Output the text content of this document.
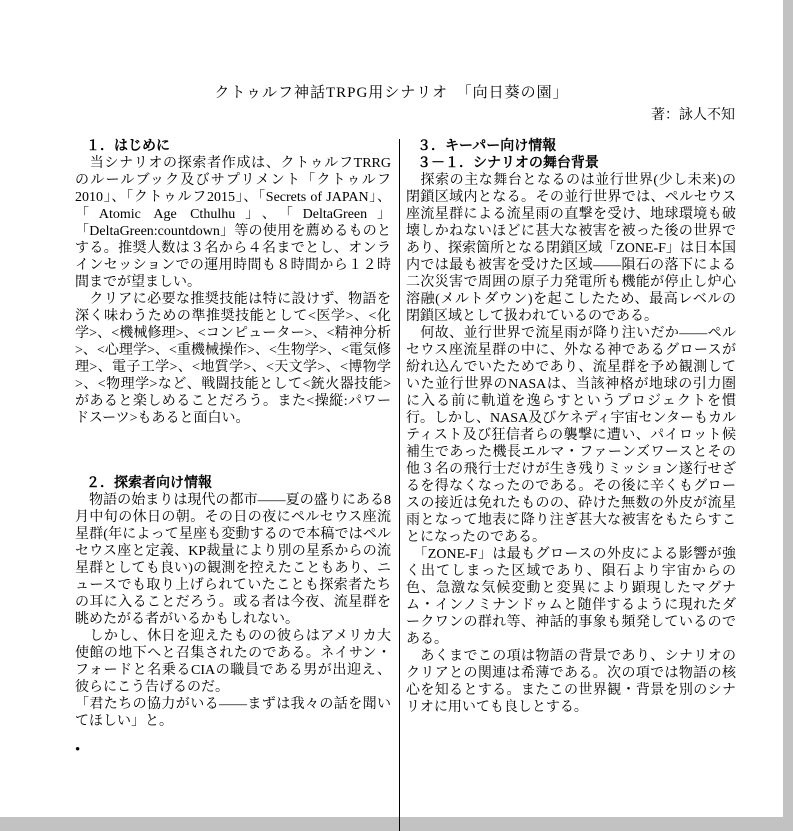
クトゥルフ神話TRPG用シナリオ　「向日葵の園」
著：詠人不知
１．はじめに

　当シナリオの探索者作成は、クトゥルフTRRGのルールブック及びサプリメント「クトゥルフ2010」、「クトゥルフ2015」、「Secrets of JAPAN」、「Atomic Age Cthulhu」、「DeltaGreen」「DeltaGreen:countdown」等の使用を薦めるものとする。推奨人数は３名から４名までとし、オンラインセッションでの運用時間も８時間から１２時間までが望ましい。

　クリアに必要な推奨技能は特に設けず、物語を深く味わうための準推奨技能として<医学>、<化学>、<機械修理>、<コンピューター>、<精神分析>、<心理学>、<重機械操作>、<生物学>、<電気修理>、電子工学>、<地質学>、<天文学>、<博物学>、<物理学>など、戦闘技能として<銃火器技能>があると楽しめることだろう。また<操縦:パワードスーツ>もあると面白い。

２．探索者向け情報

　物語の始まりは現代の都市——夏の盛りにある8月中旬の休日の朝。その日の夜にペルセウス座流星群(年によって星座も変動するので本稿ではペルセウス座と定義、KP裁量により別の星系からの流星群としても良い)の観測を控えたこともあり、ニュースでも取り上げられていたことも探索者たちの耳に入ることだろう。或る者は今夜、流星群を眺めたがる者がいるかもしれない。

　しかし、休日を迎えたものの彼らはアメリカ大使館の地下へと召集されたのである。ネイサン・フォードと名乗るCIAの職員である男が出迎え、彼らにこう告げるのだ。

「君たちの協力がいる——まずは我々の話を聞いてほしい」と。

•
３．キーパー向け情報
３－１．シナリオの舞台背景

　探索の主な舞台となるのは並行世界(少し未来)の閉鎖区域内となる。その並行世界では、ペルセウス座流星群による流星雨の直撃を受け、地球環境も破壊しかねないほどに甚大な被害を被った後の世界であり、探索箇所となる閉鎖区域「ZONE-F」は日本国内では最も被害を受けた区域——隕石の落下による二次災害で周囲の原子力発電所も機能が停止し炉心溶融(メルトダウン)を起こしたため、最高レベルの閉鎖区域として扱われているのである。

　何故、並行世界で流星雨が降り注いだか——ペルセウス座流星群の中に、外なる神であるグロースが紛れ込んでいたためであり、流星群を予め観測していた並行世界のNASAは、当該神格が地球の引力圏に入る前に軌道を逸らすというプロジェクトを慣行。しかし、NASA及びケネディ宇宙センターもカルティスト及び狂信者らの襲撃に遭い、パイロット候補生であった機長エルマ・ファーンズワースとその他３名の飛行士だけが生き残りミッション遂行せざるを得なくなったのである。その後に辛くもグロースの接近は免れたものの、砕けた無数の外皮が流星雨となって地表に降り注ぎ甚大な被害をもたらすことになったのである。

　「ZONE-F」は最もグロースの外皮による影響が強く出てしまった区域であり、隕石より宇宙からの色、急激な気候変動と変異により顕現したマグナム・インノミナンドゥムと随伴するように現れたダークワンの群れ等、神話的事象も頻発しているのである。

　あくまでこの項は物語の背景であり、シナリオのクリアとの関連は希薄である。次の項では物語の核心を知るとする。またこの世界観・背景を別のシナリオに用いても良しとする。
